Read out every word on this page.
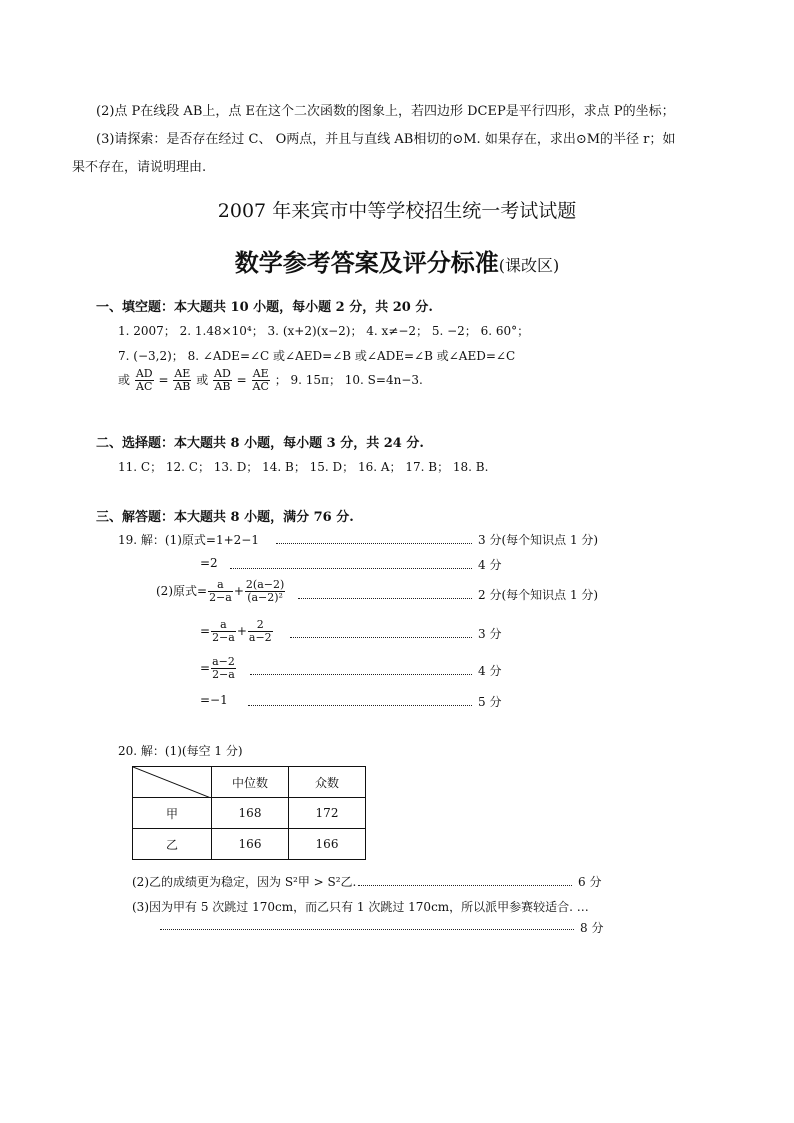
(2)点 P在线段 AB上，点 E在这个二次函数的图象上，若四边形 DCEP是平行四形，求点 P的坐标；
(3)请探索：是否存在经过 C、 O两点，并且与直线 AB相切的⊙M. 如果存在，求出⊙M的半径 r；如
果不存在，请说明理由.
2007 年来宾市中等学校招生统一考试试题
数学参考答案及评分标准(课改区)
一、填空题：本大题共 10 小题，每小题 2 分，共 20 分.
1. 2007； 2. 1.48×10⁴； 3. (x+2)(x−2)； 4. x≠−2； 5. −2； 6. 60°；
7. (−3,2)； 8. ∠ADE=∠C 或∠AED=∠B 或∠ADE=∠B 或∠AED=∠C
或 $\frac{AD}{AC} = \frac{AE}{AB}$ 或 $\frac{AD}{AB} = \frac{AE}{AC}$ ； 9. 15π； 10. S=4n−3.
二、选择题：本大题共 8 小题，每小题 3 分，共 24 分.
11. C； 12. C； 13. D； 14. B； 15. D； 16. A； 17. B； 18. B.
三、解答题：本大题共 8 小题，满分 76 分.
19. 解：(1)原式=1+2−1	3 分(每个知识点 1 分)
=2	4 分
(2)原式= $\frac{a}{2-a} + \frac{2(a-2)}{\text{(a−2)²}}$	2 分(每个知识点 1 分)
= $\frac{a}{2-a} + \frac{2}{a-2}$	3 分
= $\frac{a-2}{2-a}$	4 分
=−1	5 分
20. 解：(1)(每空 1 分)
	中位数	众数
甲	168	172
乙	166	166
(2)乙的成绩更为稳定，因为 S²甲 > S²乙.	6 分
(3)因为甲有 5 次跳过 170cm，而乙只有 1 次跳过 170cm，所以派甲参赛较适合. …
8 分
